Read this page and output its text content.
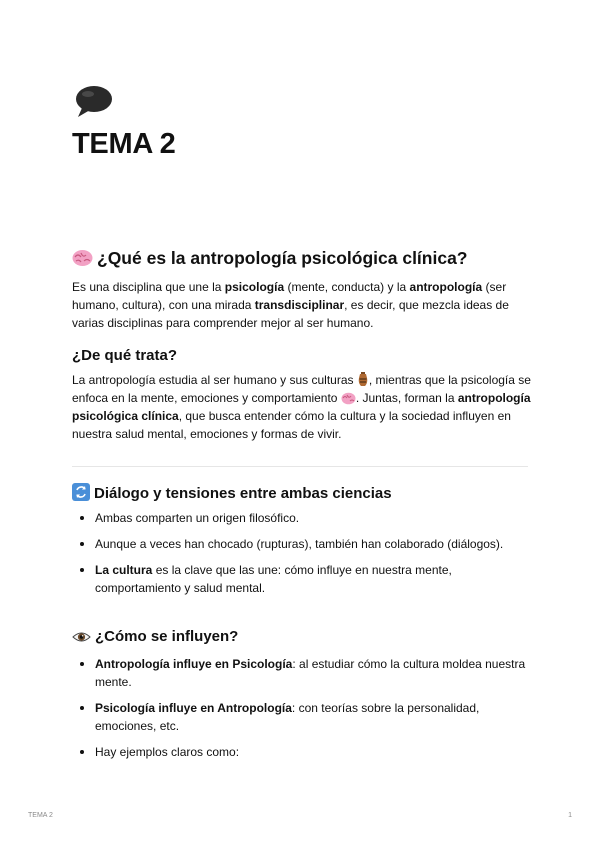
TEMA 2
¿Qué es la antropología psicológica clínica?

Es una disciplina que une la psicología (mente, conducta) y la antropología (ser humano, cultura), con una mirada transdisciplinar, es decir, que mezcla ideas de varias disciplinas para comprender mejor al ser humano.

¿De qué trata?

La antropología estudia al ser humano y sus culturas , mientras que la psicología se enfoca en la mente, emociones y comportamiento . Juntas, forman la antropología psicológica clínica, que busca entender cómo la cultura y la sociedad influyen en nuestra salud mental, emociones y formas de vivir.

Diálogo y tensiones entre ambas ciencias
Ambas comparten un origen filosófico.
Aunque a veces han chocado (rupturas), también han colaborado (diálogos).
La cultura es la clave que las une: cómo influye en nuestra mente, comportamiento y salud mental.
¿Cómo se influyen?
Antropología influye en Psicología: al estudiar cómo la cultura moldea nuestra mente.
Psicología influye en Antropología: con teorías sobre la personalidad, emociones, etc.
Hay ejemplos claros como:
TEMA 2	1
